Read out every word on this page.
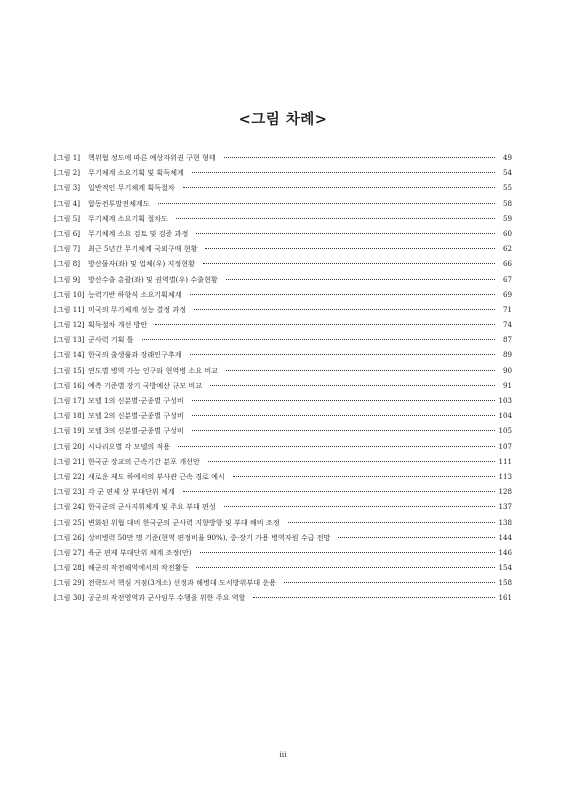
<그림 차례>
[그림 1]	핵위협 정도에 따른 예상자위권 구현 형태	49
[그림 2]	무기체계 소요기획 및 획득체계	54
[그림 3]	일반적인 무기체계 획득절차	55
[그림 4]	합동전투발전체계도	58
[그림 5]	무기체계 소요기획 절차도	59
[그림 6]	무기체계 소요 검토 및 검증 과정	60
[그림 7]	최근 5년간 무기체계 국외구매 현황	62
[그림 8]	방산물자(좌) 및 업체(우) 지정현황	66
[그림 9]	방산수출 총괄(좌) 및 권역별(우) 수출현황	67
[그림 10] 능력기반 하향식 소요기획체계	69
[그림 11] 미국의 무기체계 성능 결정 과정	71
[그림 12] 획득절차 개선 방안	74
[그림 13] 군사력 기획 틀	87
[그림 14] 한국의 출생률과 장래인구추계	89
[그림 15] 연도별 병역 가능 인구와 현역병 소요 비교	90
[그림 16] 예측 기준별 장기 국방예산 규모 비교	91
[그림 17] 모델 1의 신분별·군종별 구성비	103
[그림 18] 모델 2의 신분별·군종별 구성비	104
[그림 19] 모델 3의 신분별·군종별 구성비	105
[그림 20] 시나리오별 각 모델의 적용	107
[그림 21] 한국군 장교의 근속기간 분포 개선안	111
[그림 22] 새로운 제도 하에서의 부사관 근속 경로 예시	113
[그림 23] 각 군 편제 상 부대단위 체계	128
[그림 24] 한국군의 군사지휘체계 및 주요 부대 편성	137
[그림 25] 변화된 위협 대비 한국군의 군사력 지향방향 및 부대 배비 조정	138
[그림 26] 상비병력 50만 명 기준(현역 편정비율 90%), 중·장기 가용 병역자원 수급 전망	144
[그림 27] 육군 편제 부대단위 체계 조정(안)	146
[그림 28] 해군의 작전해역에서의 작전활동	154
[그림 29] 전략도서 핵심 거점(3개소) 선정과 해병대 도서방위부대 운용	158
[그림 30] 공군의 작전영역과 군사임무 수행을 위한 주요 역할	161
iii
